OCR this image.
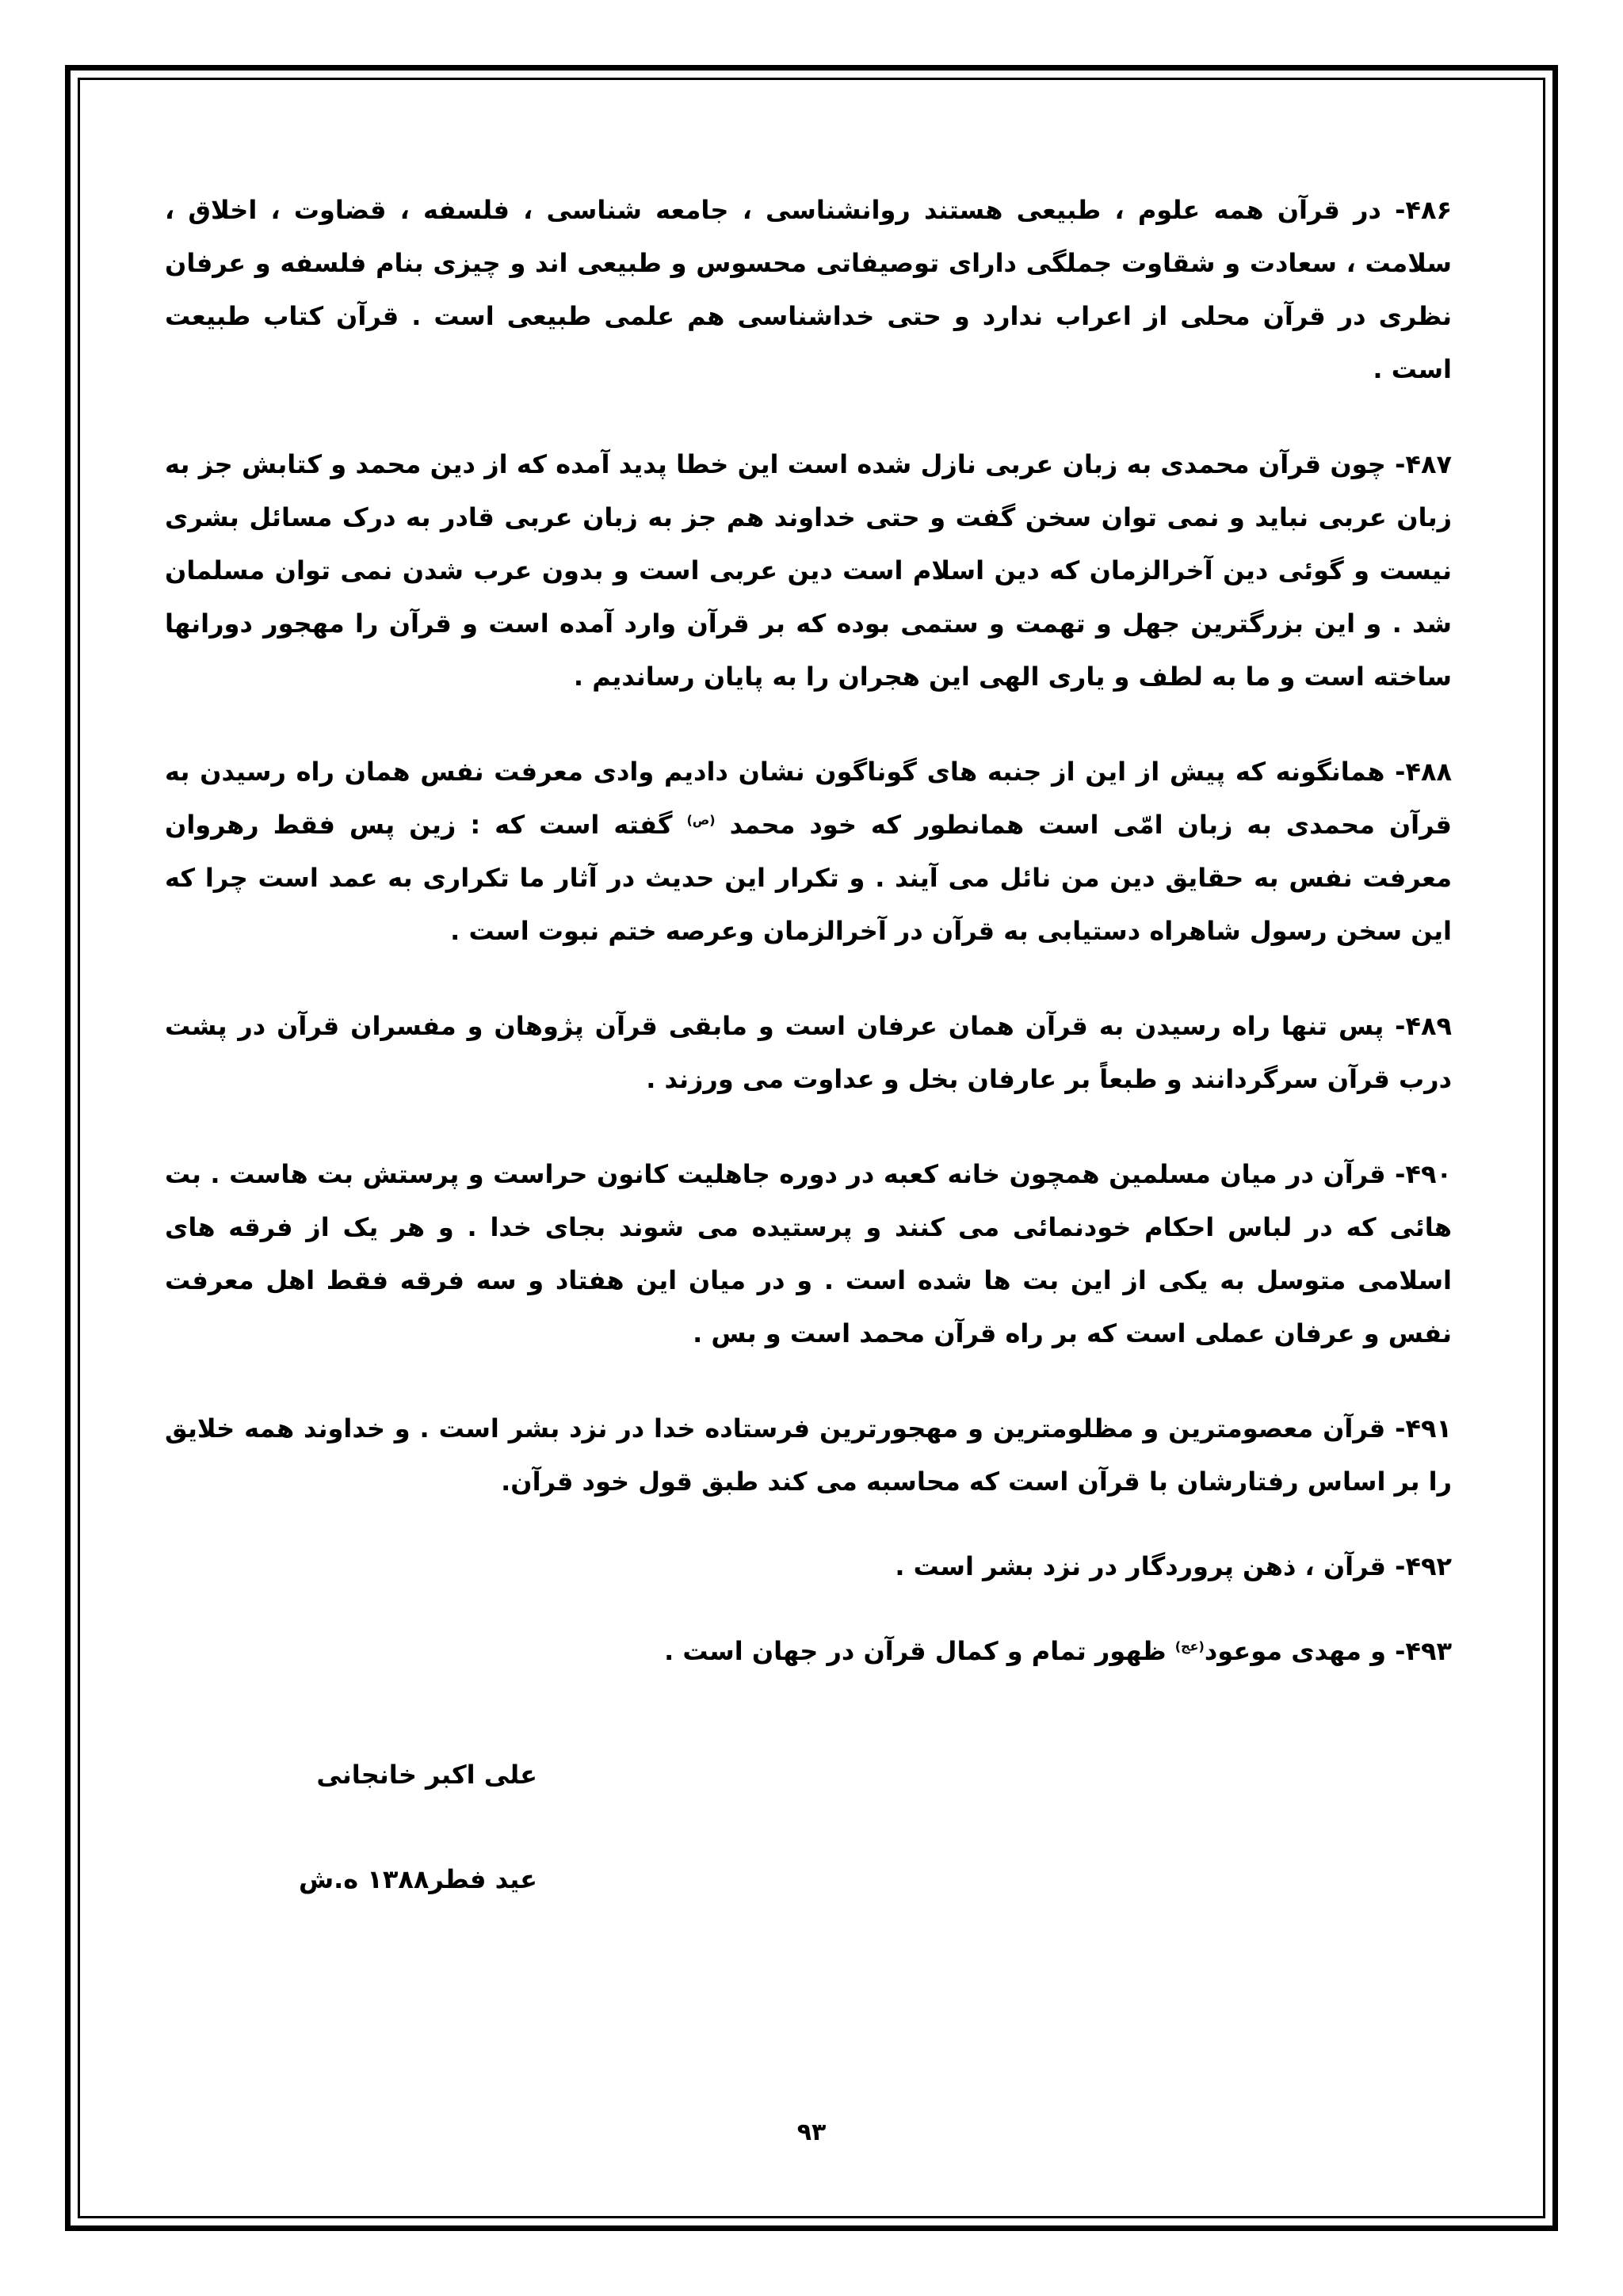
۴۸۶- در قرآن همه علوم ، طبیعی هستند روانشناسی ، جامعه شناسی ، فلسفه ، قضاوت ، اخلاق ، سلامت ، سعادت و شقاوت جملگی دارای توصیفاتی محسوس و طبیعی اند و چیزی بنام فلسفه و عرفان نظری در قرآن محلی از اعراب ندارد و حتی خداشناسی هم علمی طبیعی است . قرآن کتاب طبیعت است .

۴۸۷- چون قرآن محمدی به زبان عربی نازل شده است این خطا پدید آمده که از دین محمد و کتابش جز به زبان عربی نباید و نمی توان سخن گفت و حتی خداوند هم جز به زبان عربی قادر به درک مسائل بشری نیست و گوئی دین آخرالزمان که دین اسلام است دین عربی است و بدون عرب شدن نمی توان مسلمان شد . و این بزرگترین جهل و تهمت و ستمی بوده که بر قرآن وارد آمده است و قرآن را مهجور دورانها ساخته است و ما به لطف و یاری الهی این هجران را به پایان رساندیم .

۴۸۸- همانگونه که پیش از این از جنبه های گوناگون نشان دادیم وادی معرفت نفس همان راه رسیدن به قرآن محمدی به زبان امّی است همانطور که خود محمد $^{(ص)}$ گفته است که : زین پس فقط رهروان معرفت نفس به حقایق دین من نائل می آیند . و تکرار این حدیث در آثار ما تکراری به عمد است چرا که این سخن رسول شاهراه دستیابی به قرآن در آخرالزمان وعرصه ختم نبوت است .

۴۸۹- پس تنها راه رسیدن به قرآن همان عرفان است و مابقی قرآن پژوهان و مفسران قرآن در پشت درب قرآن سرگردانند و طبعاً بر عارفان بخل و عداوت می ورزند .

۴۹۰- قرآن در میان مسلمین همچون خانه کعبه در دوره جاهلیت کانون حراست و پرستش بت هاست . بت هائی که در لباس احکام خودنمائی می کنند و پرستیده می شوند بجای خدا . و هر یک از فرقه های اسلامی متوسل به یکی از این بت ها شده است . و در میان این هفتاد و سه فرقه فقط اهل معرفت نفس و عرفان عملی است که بر راه قرآن محمد است و بس .

۴۹۱- قرآن معصومترین و مظلومترین و مهجورترین فرستاده خدا در نزد بشر است . و خداوند همه خلایق را بر اساس رفتارشان با قرآن است که محاسبه می کند طبق قول خود قرآن.

۴۹۲- قرآن ، ذهن پروردگار در نزد بشر است .

۴۹۳- و مهدی موعود$^{(عج)}$ ظهور تمام و کمال قرآن در جهان است .

علی اکبر خانجانی
عید فطر۱۳۸۸ ه.ش
۹۳
